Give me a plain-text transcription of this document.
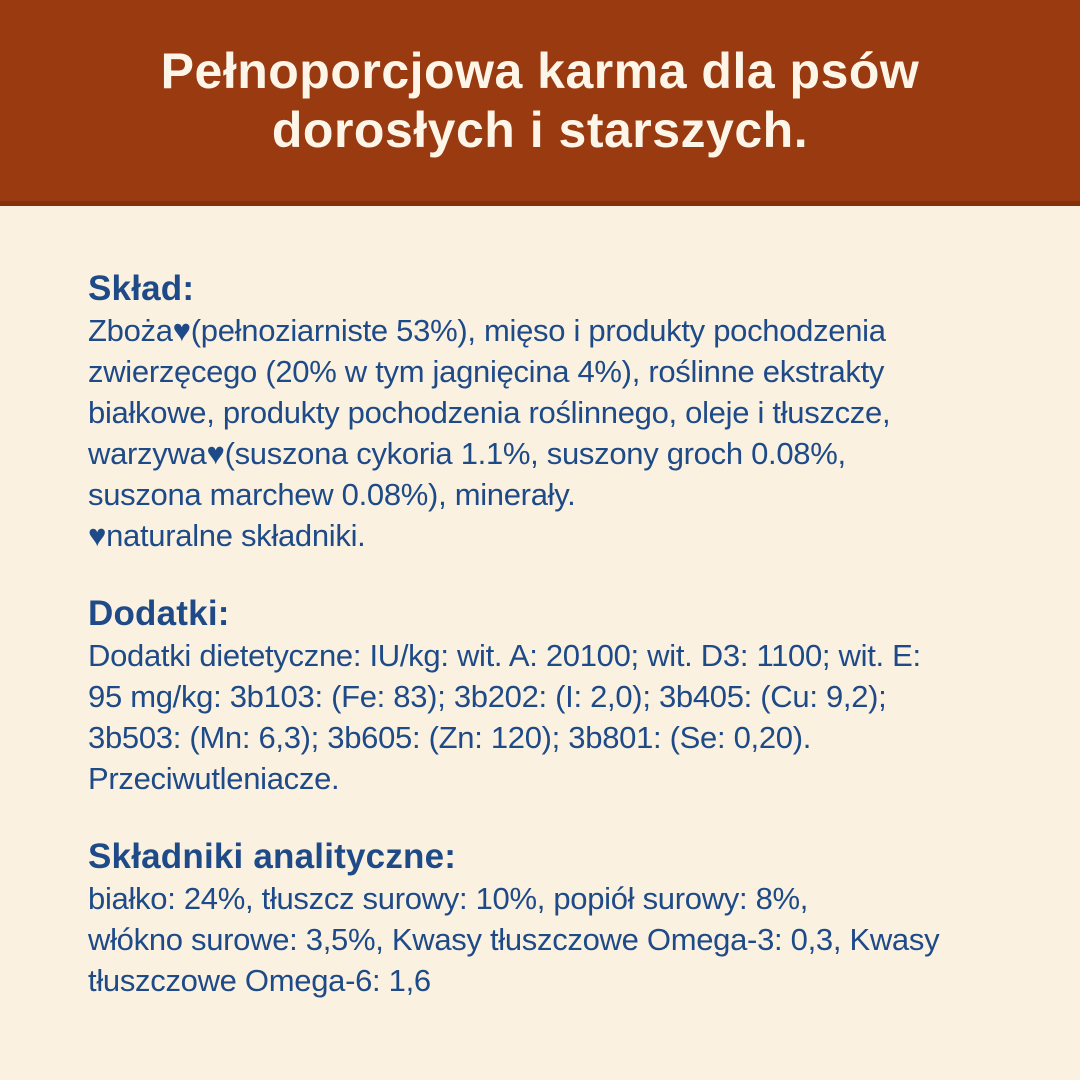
Pełnoporcjowa karma dla psów
dorosłych i starszych.
Skład:
Zboża♥(pełnoziarniste 53%), mięso i produkty pochodzenia
zwierzęcego (20% w tym jagnięcina 4%), roślinne ekstrakty
białkowe, produkty pochodzenia roślinnego, oleje i tłuszcze,
warzywa♥(suszona cykoria 1.1%, suszony groch 0.08%,
suszona marchew 0.08%), minerały.
♥naturalne składniki.
Dodatki:
Dodatki dietetyczne: IU/kg: wit. A: 20100; wit. D3: 1100; wit. E:
95 mg/kg: 3b103: (Fe: 83); 3b202: (I: 2,0); 3b405: (Cu: 9,2);
3b503: (Mn: 6,3); 3b605: (Zn: 120); 3b801: (Se: 0,20).
Przeciwutleniacze.
Składniki analityczne:
białko: 24%, tłuszcz surowy: 10%, popiół surowy: 8%,
włókno surowe: 3,5%, Kwasy tłuszczowe Omega-3: 0,3, Kwasy
tłuszczowe Omega-6: 1,6
